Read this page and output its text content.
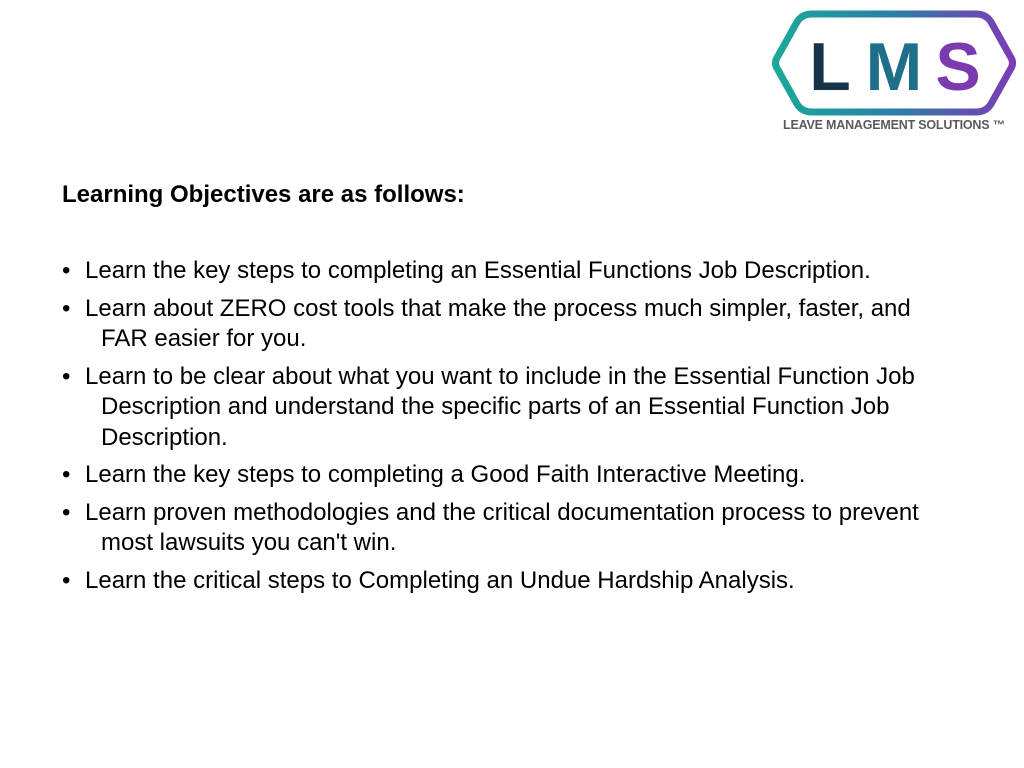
L M S
LEAVE MANAGEMENT SOLUTIONS ™
Learning Objectives are as follows:
• Learn the key steps to completing an Essential Functions Job Description.
• Learn about ZERO cost tools that make the process much simpler, faster, and FAR easier for you.
• Learn to be clear about what you want to include in the Essential Function Job Description and understand the specific parts of an Essential Function Job Description.
• Learn the key steps to completing a Good Faith Interactive Meeting.
• Learn proven methodologies and the critical documentation process to prevent most lawsuits you can't win.
• Learn the critical steps to Completing an Undue Hardship Analysis.
